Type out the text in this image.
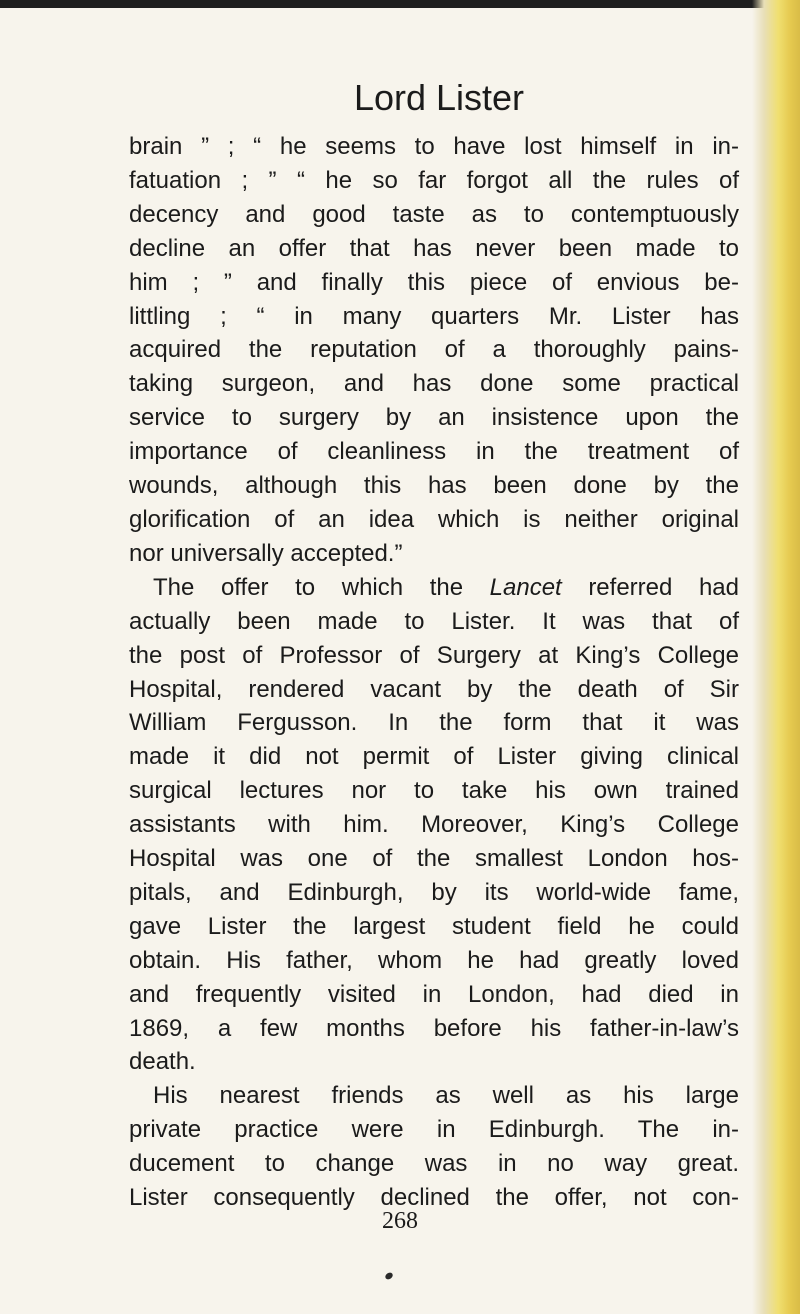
Lord Lister
brain ” ; “ he seems to have lost himself in in-
fatuation ; ” “ he so far forgot all the rules of
decency and good taste as to contemptuously
decline an offer that has never been made to
him ; ” and finally this piece of envious be-
littling ; “ in many quarters Mr. Lister has
acquired the reputation of a thoroughly pains-
taking surgeon, and has done some practical
service to surgery by an insistence upon the
importance of cleanliness in the treatment of
wounds, although this has been done by the
glorification of an idea which is neither original
nor universally accepted.”
The offer to which the Lancet referred had
actually been made to Lister. It was that of
the post of Professor of Surgery at King’s College
Hospital, rendered vacant by the death of Sir
William Fergusson. In the form that it was
made it did not permit of Lister giving clinical
surgical lectures nor to take his own trained
assistants with him. Moreover, King’s College
Hospital was one of the smallest London hos-
pitals, and Edinburgh, by its world-wide fame,
gave Lister the largest student field he could
obtain. His father, whom he had greatly loved
and frequently visited in London, had died in
1869, a few months before his father-in-law’s
death.
His nearest friends as well as his large
private practice were in Edinburgh. The in-
ducement to change was in no way great.
Lister consequently declined the offer, not con-
268
